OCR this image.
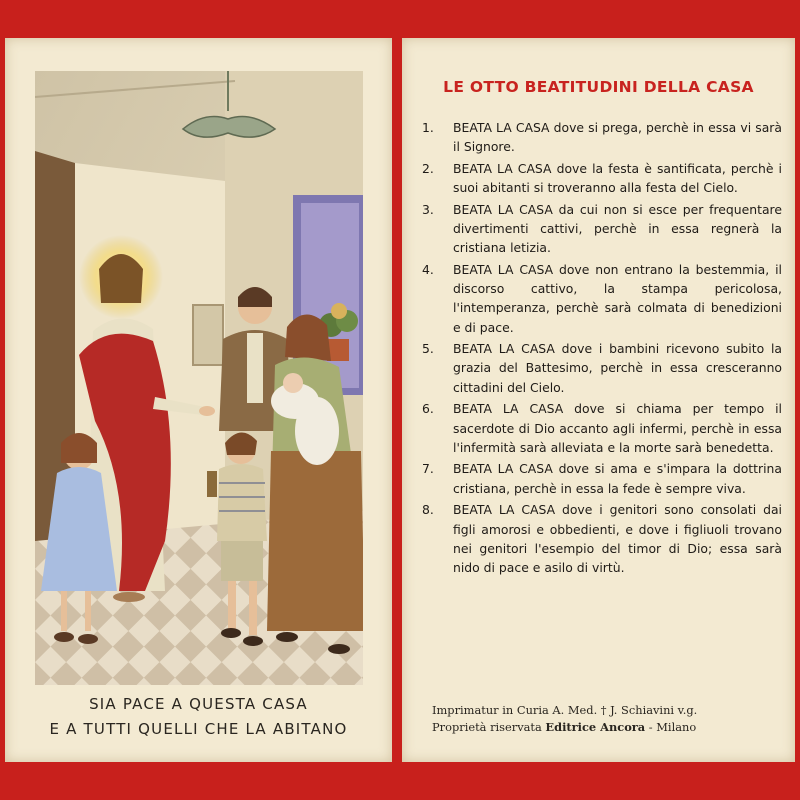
SIA PACE A QUESTA CASA
E A TUTTI QUELLI CHE LA ABITANO
LE OTTO BEATITUDINI DELLA CASA
1.	BEATA LA CASA dove si prega, perchè in essa vi sarà il Signore.
2.	BEATA LA CASA dove la festa è santificata, perchè i suoi abitanti si troveranno alla festa del Cielo.
3.	BEATA LA CASA da cui non si esce per frequentare divertimenti cattivi, perchè in essa regnerà la cristiana letizia.
4.	BEATA LA CASA dove non entrano la bestemmia, il discorso cattivo, la stampa pericolosa, l'intemperanza, perchè sarà colmata di benedizioni e di pace.
5.	BEATA LA CASA dove i bambini ricevono subito la grazia del Battesimo, perchè in essa cresceranno cittadini del Cielo.
6.	BEATA LA CASA dove si chiama per tempo il sacerdote di Dio accanto agli infermi, perchè in essa l'infermità sarà alleviata e la morte sarà benedetta.
7.	BEATA LA CASA dove si ama e s'impara la dottrina cristiana, perchè in essa la fede è sempre viva.
8.	BEATA LA CASA dove i genitori sono consolati dai figli amorosi e obbedienti, e dove i figliuoli trovano nei genitori l'esempio del timor di Dio; essa sarà nido di pace e asilo di virtù.
Imprimatur in Curia A. Med. † J. Schiavini v.g.
Proprietà riservata Editrice Ancora - Milano
